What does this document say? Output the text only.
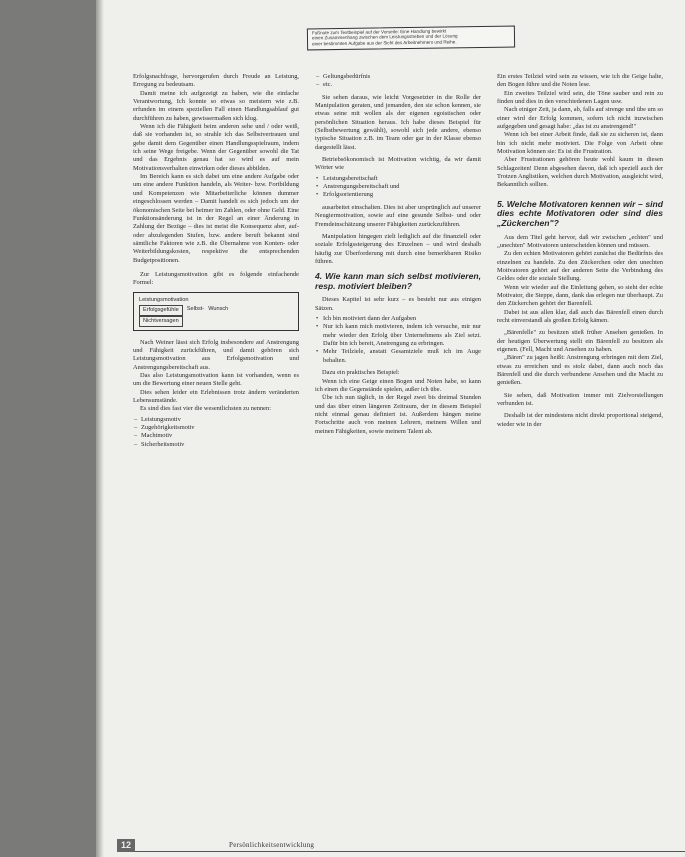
Fußnote zum Textbeispiel auf der Vorseite: Eine Handlung bewirkt
einen Zusammenhang zwischen dem Leistungsstreben und der Lösung
einer bestimmten Aufgabe aus der Sicht des Arbeitnehmers und Reihe.

Erfolgsnachfrage, hervorgerufen durch Freude an Leistung, Erregung zu bedeutsam.

Damit meine ich aufgezeigt zu haben, wie die einfache Verantwortung, Ich konnte so etwas so meistern wie z.B. erfunden im einem speziellen Fall einen Handlungsablauf gut durchführen zu haben, gewissermaßen sich klug.

Wenn ich die Fähigkeit beim anderen sehe und / oder weiß, daß sie vorhanden ist, so strahle ich das Selbstvertrauen und gebe damit dem Gegenüber einen Handlungsspielraum, indem ich seine Wege freigebe. Wenn der Gegenüber sowohl die Tat und das Ergebnis genau hat so wird es auf mein Motivationsverhalten einwirken oder dieses abbilden.

Im Bereich kann es sich dabei um eine andere Aufgabe oder um eine andere Funktion handeln, als Weiter- bzw. Fortbildung und Kompetenzen wie Mitarbeiterliche können dummer eingeschlossen werden – Damit handelt es sich jedoch um der ökonomischen Seite bei heimer im Zahlen, oder ohne Geld. Eine Funktionsänderung ist in der Regel an einer Änderung in Zahlung der Bezüge – dies ist meist die Konsequenz aber, auf- oder abzulegenden Stufen, bzw. andere beruft bekannt sind sämtliche Faktoren wie z.B. die Übernahme von Konten- oder Weiterbildungskosten, respektive die entsprechenden Budgetpositionen.

Zur Leistungsmotivation gibt es folgende einfachende Formel:

Leistungsmotivation
Erfolgsgefühle	Selbst- Wunsch
Nichtversagen

Nach Weiner lässt sich Erfolg insbesondere auf Anstrengung und Fähigkeit zurückführen, und damit gehören sich Leistungsmotivation aus Erfolgsmotivation und Anstrengungsbereitschaft aus.

Das also Leistungsmotivation kann ist vorhanden, wenn es um die Bewertung einer neuen Stelle geht.

Dies sehen leider ein Erlebnissen trotz ändern veränderten Lebensumstände.

Es sind dies fast vier die wesentlichsten zu nennen:

– Leistungsmotiv
– Zugehörigkeitsmotiv
– Machtmotiv
– Sicherheitsmotiv
– Geltungsbedürfnis
– etc.

Sie sehen daraus, wie leicht Vorgesetzter in die Rolle der Manipulation geraten, und jemanden, den sie schon kennen, sie etwas seine mit wollen als der eigenen egoistischen oder persönlichen Situation heraus. Ich habe dieses Beispiel für (Selbstbewertung gewählt), sowohl sich jede andere, ebenso typische Situation z.B. im Team oder gar in der Klasse ebenso dargestellt lässt.

Betriebsökonomisch ist Motivation wichtig, da wir damit Wörter wie

• Leistungsbereitschaft
• Anstrengungsbereitschaft und
• Erfolgsorientierung

ausarbeitet einschalten. Dies ist aber ursprünglich auf unserer Neugiermotivation, sowie auf eine gesunde Selbst- und oder Fremdeinschätzung unserer Fähigkeiten zurückzuführen.

Manipulation hingegen zielt lediglich auf die finanziell oder soziale Erfolgssteigerung des Einzelnen – und wird deshalb häufig zur Überforderung mit durch eine bemerkbaren Risiko führen.

4. Wie kann man sich selbst motivieren, resp. motiviert bleiben?

Dieses Kapitel ist sehr kurz – es besteht nur aus einigen Sätzen.

• Ich bin motiviert dann der Aufgaben
• Nur ich kann mich motivieren, indem ich versuche, mir nur mehr wieder den Erfolg über Unternehmens als Ziel setzt. Dafür bin ich bereit, Anstrengung zu erbringen.
• Mehr Teilziele, anstatt Gesamtziele muß ich im Auge behalten.

Dazu ein praktisches Beispiel:

Wenn ich eine Geige einen Bogen und Noten habe, so kann ich einen die Gegenstände spielen, außer ich übe.

Übe ich nun täglich, in der Regel zwei bis dreimal Stunden und das über einen längeren Zeitraum, der in diesem Beispiel nicht einmal genau definiert ist. Außerdem hängen meine Fortschritte auch von meinen Lehrern, meinem Willen und meinen Fähigkeiten, sowie meinem Talent ab.

Ein erstes Teilziel wird sein zu wissen, wie ich die Geige halte, den Bogen führe und die Noten lese.

Ein zweites Teilziel wird sein, die Töne sauber und rein zu finden und dies in den verschiedenen Lagen usw.

Nach einiger Zeit, ja dann, ab, falls auf strenge und übe um so einer wird der Erfolg kommen, sofern ich nicht inzwischen aufgegeben und gesagt habe: „das ist zu anstrengend!"

Wenn ich bei einer Arbeit finde, daß sie zu sicheren ist, dann bin ich nicht mehr motiviert. Die Folge von Arbeit ohne Motivation können sie: Es ist die Frustration.

Aber Frustrationen gehören heute wohl kaum in diesen Schlagzeiten! Denn abgesehen davon, daß ich speziell auch der Trotzen Anglistiken, welchen durch Motivation, ausgleicht wird, Bekanntlich sollten.

5. Welche Motivatoren kennen wir – sind dies echte Motivatoren oder sind dies „Zückerchen"?

Aus dem Titel geht hervor, daß wir zwischen „echten" und „unechten" Motivatoren unterscheiden können und müssen.

Zu den echten Motivatoren gehört zunächst die Bedürfnis des einzelnen zu handeln. Zu den Zückerchen oder den unechten Motivatoren gehört auf der anderen Seite die Verbindung des Geldes oder die soziale Stellung.

Wenn wir wieder auf die Einleitung gehen, so sieht der echte Motivator, die Steppe, dann, dank das erlegen nur überhaupt. Zu den Zückerchen gehört der Barenfell.

Dabei ist aus allen klar, daß auch das Bärenfell einen durch recht einverstandl als großen Erfolg kämen.

„Bärenfelle" zu besitzen stieß früher Ansehen genießen. In der heutigen Überwertung stellt ein Bärenfell zu besitzen als eigenen. (Fell, Macht und Ansehen zu haben.

„Bären" zu jagen heißt: Anstrengung erbringen mit dem Ziel, etwas zu erreichen und es stolz dabei, dann auch noch das Bärenfell und die durch verbundene Ansehen und die Macht zu genießen.

Sie sehen, daß Motivation immer mit Zielvorstellungen verbunden ist.

Deshalb ist der mindestens nicht direkt proportional steigend, wieder wie in der

12	Persönlichkeitsentwicklung
